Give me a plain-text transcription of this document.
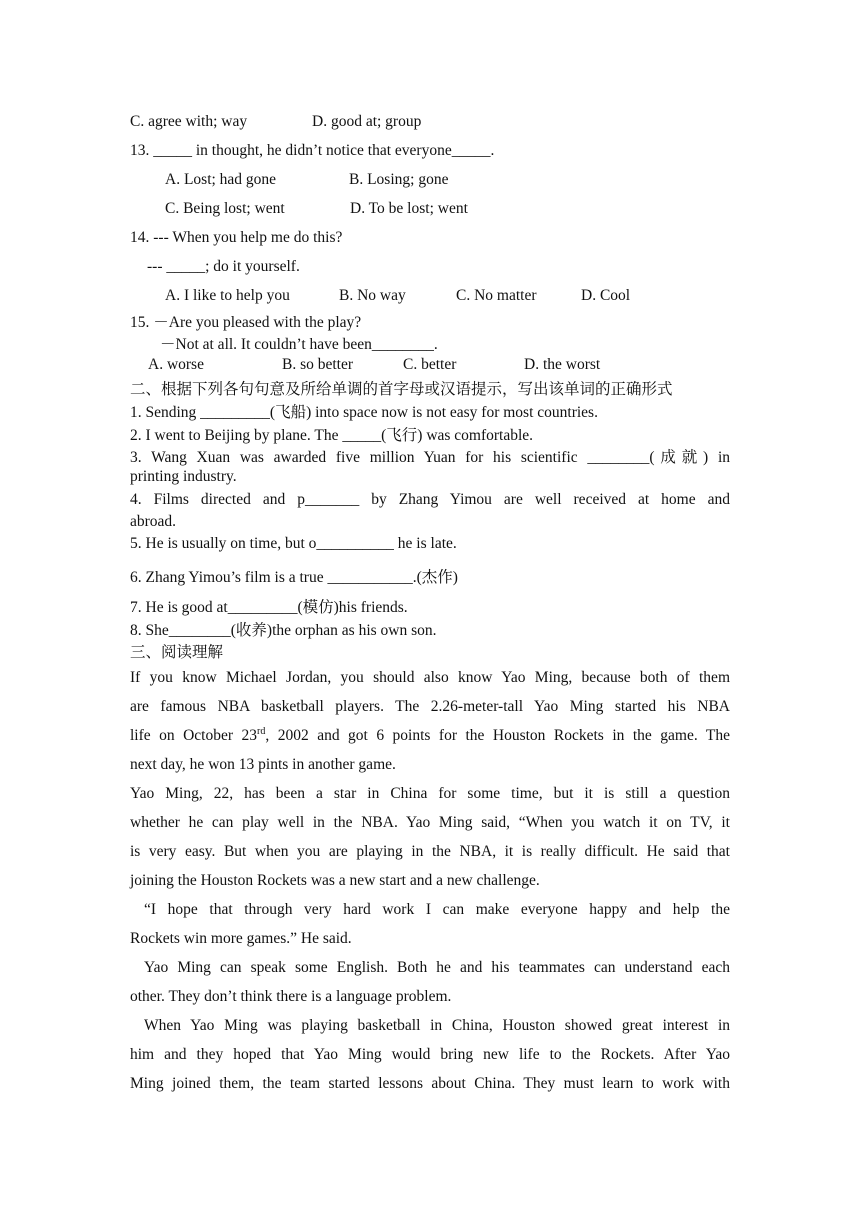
C. agree with; way	D. good at; group
13. _____ in thought, he didn’t notice that everyone_____.
A. Lost; had gone	B. Losing; gone
C. Being lost; went	D. To be lost; went
14. --- When you help me do this?
--- _____; do it yourself.
A. I like to help you	B. No way	C. No matter	D. Cool
15. －Are you pleased with the play?
－Not at all. It couldn’t have been________.
A. worse	B. so better	C. better	D. the worst
二、根据下列各句句意及所给单调的首字母或汉语提示，写出该单词的正确形式
1. Sending _________(飞船) into space now is not easy for most countries.
2. I went to Beijing by plane. The _____(飞行) was comfortable.
3. Wang Xuan was awarded five million Yuan for his scientific ________(成就) in
printing industry.
4. Films directed and p_______ by Zhang Yimou are well received at home and
abroad.
5. He is usually on time, but o__________ he is late.
6. Zhang Yimou’s film is a true ___________.(杰作)
7. He is good at_________(模仿)his friends.
8. She________(收养)the orphan as his own son.
三、阅读理解
If you know Michael Jordan, you should also know Yao Ming, because both of them
are famous NBA basketball players. The 2.26-meter-tall Yao Ming started his NBA
life on October 23rd, 2002 and got 6 points for the Houston Rockets in the game. The
next day, he won 13 pints in another game.
Yao Ming, 22, has been a star in China for some time, but it is still a question
whether he can play well in the NBA. Yao Ming said, “When you watch it on TV, it
is very easy. But when you are playing in the NBA, it is really difficult. He said that
joining the Houston Rockets was a new start and a new challenge.
“I hope that through very hard work I can make everyone happy and help the
Rockets win more games.” He said.
Yao Ming can speak some English. Both he and his teammates can understand each
other. They don’t think there is a language problem.
When Yao Ming was playing basketball in China, Houston showed great interest in
him and they hoped that Yao Ming would bring new life to the Rockets. After Yao
Ming joined them, the team started lessons about China. They must learn to work with
